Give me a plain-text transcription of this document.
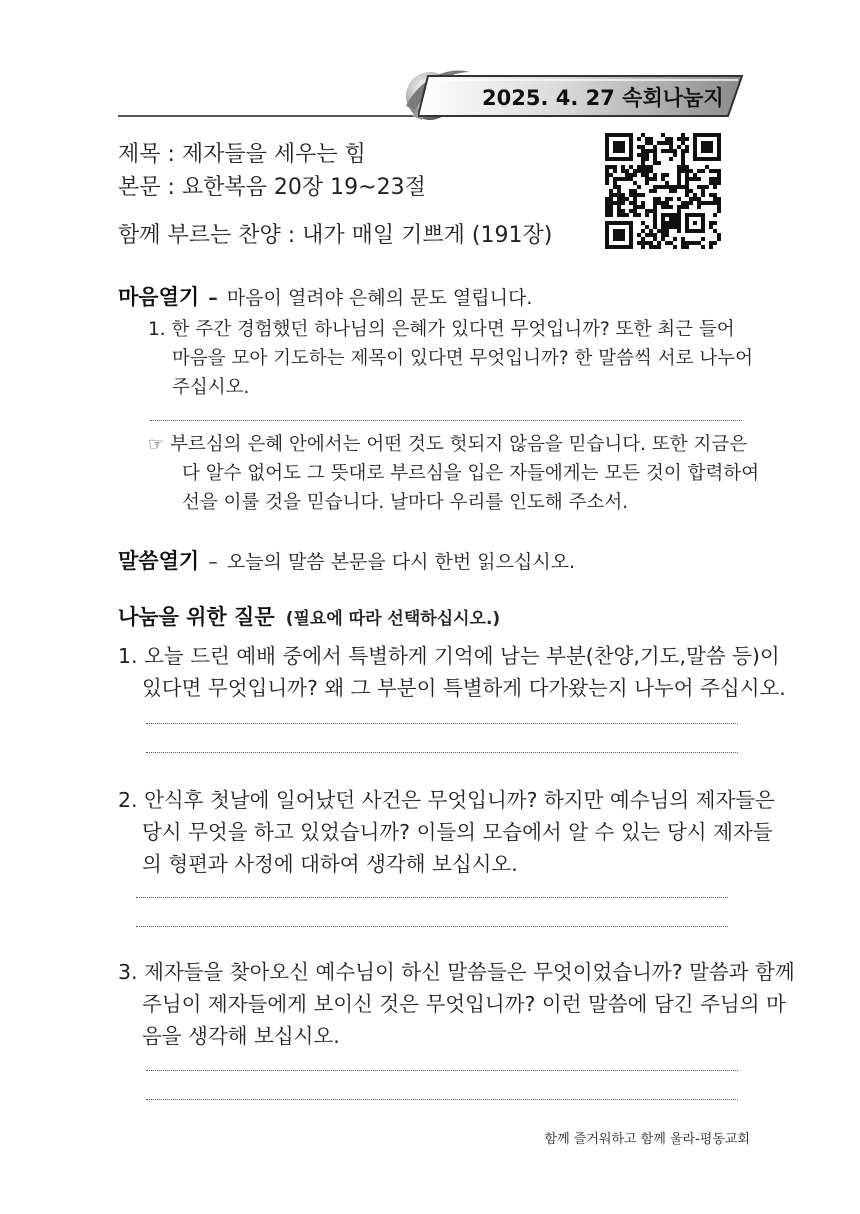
2025. 4. 27 속회나눔지
제목 : 제자들을 세우는 힘
본문 : 요한복음 20장 19~23절
함께 부르는 찬양 : 내가 매일 기쁘게 (191장)
마음열기 – 마음이 열려야 은혜의 문도 열립니다.
1. 한 주간 경험했던 하나님의 은혜가 있다면 무엇입니까? 또한 최근 들어
마음을 모아 기도하는 제목이 있다면 무엇입니까? 한 말씀씩 서로 나누어
주십시오.
☞ 부르심의 은혜 안에서는 어떤 것도 헛되지 않음을 믿습니다. 또한 지금은
다 알수 없어도 그 뜻대로 부르심을 입은 자들에게는 모든 것이 합력하여
선을 이룰 것을 믿습니다. 날마다 우리를 인도해 주소서.
말씀열기 – 오늘의 말씀 본문을 다시 한번 읽으십시오.
나눔을 위한 질문 (필요에 따라 선택하십시오.)
1. 오늘 드린 예배 중에서 특별하게 기억에 남는 부분(찬양,기도,말씀 등)이
있다면 무엇입니까? 왜 그 부분이 특별하게 다가왔는지 나누어 주십시오.
2. 안식후 첫날에 일어났던 사건은 무엇입니까? 하지만 예수님의 제자들은
당시 무엇을 하고 있었습니까? 이들의 모습에서 알 수 있는 당시 제자들
의 형편과 사정에 대하여 생각해 보십시오.
3. 제자들을 찾아오신 예수님이 하신 말씀들은 무엇이었습니까? 말씀과 함께
주님이 제자들에게 보이신 것은 무엇입니까? 이런 말씀에 담긴 주님의 마
음을 생각해 보십시오.
함께 즐거워하고 함께 울라-평동교회
